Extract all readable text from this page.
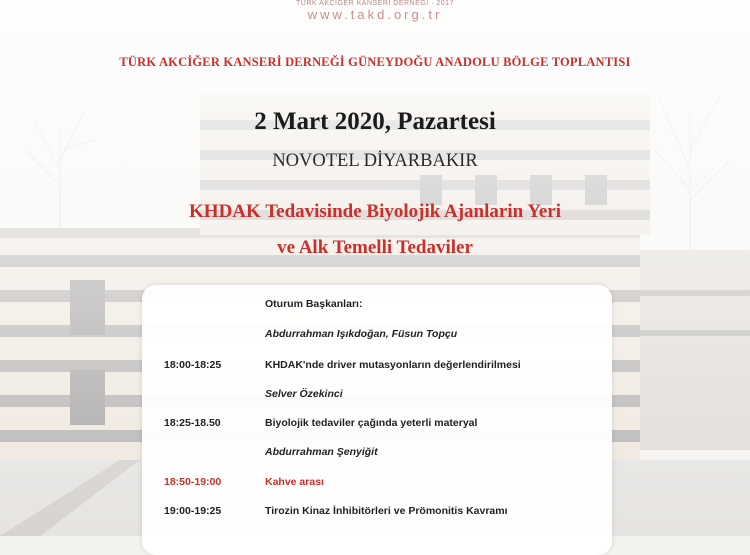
TÜRK AKCİĞER KANSERİ DERNEĞİ · 2017
www.takd.org.tr
TÜRK AKCİĞER KANSERİ DERNEĞİ GÜNEYDOĞU ANADOLU BÖLGE TOPLANTISI
2 Mart 2020, Pazartesi
NOVOTEL DİYARBAKIR
KHDAK Tedavisinde Biyolojik Ajanlarin Yeri
ve Alk Temelli Tedaviler
Oturum Başkanları:
Abdurrahman Işıkdoğan, Füsun Topçu
18:00-18:25	KHDAK'nde driver mutasyonların değerlendirilmesi
Selver Özekinci
18:25-18.50	Biyolojik tedaviler çağında yeterli materyal
Abdurrahman Şenyiğit
18:50-19:00	Kahve arası
19:00-19:25	Tirozin Kinaz İnhibitörleri ve Prömonitis Kavramı
